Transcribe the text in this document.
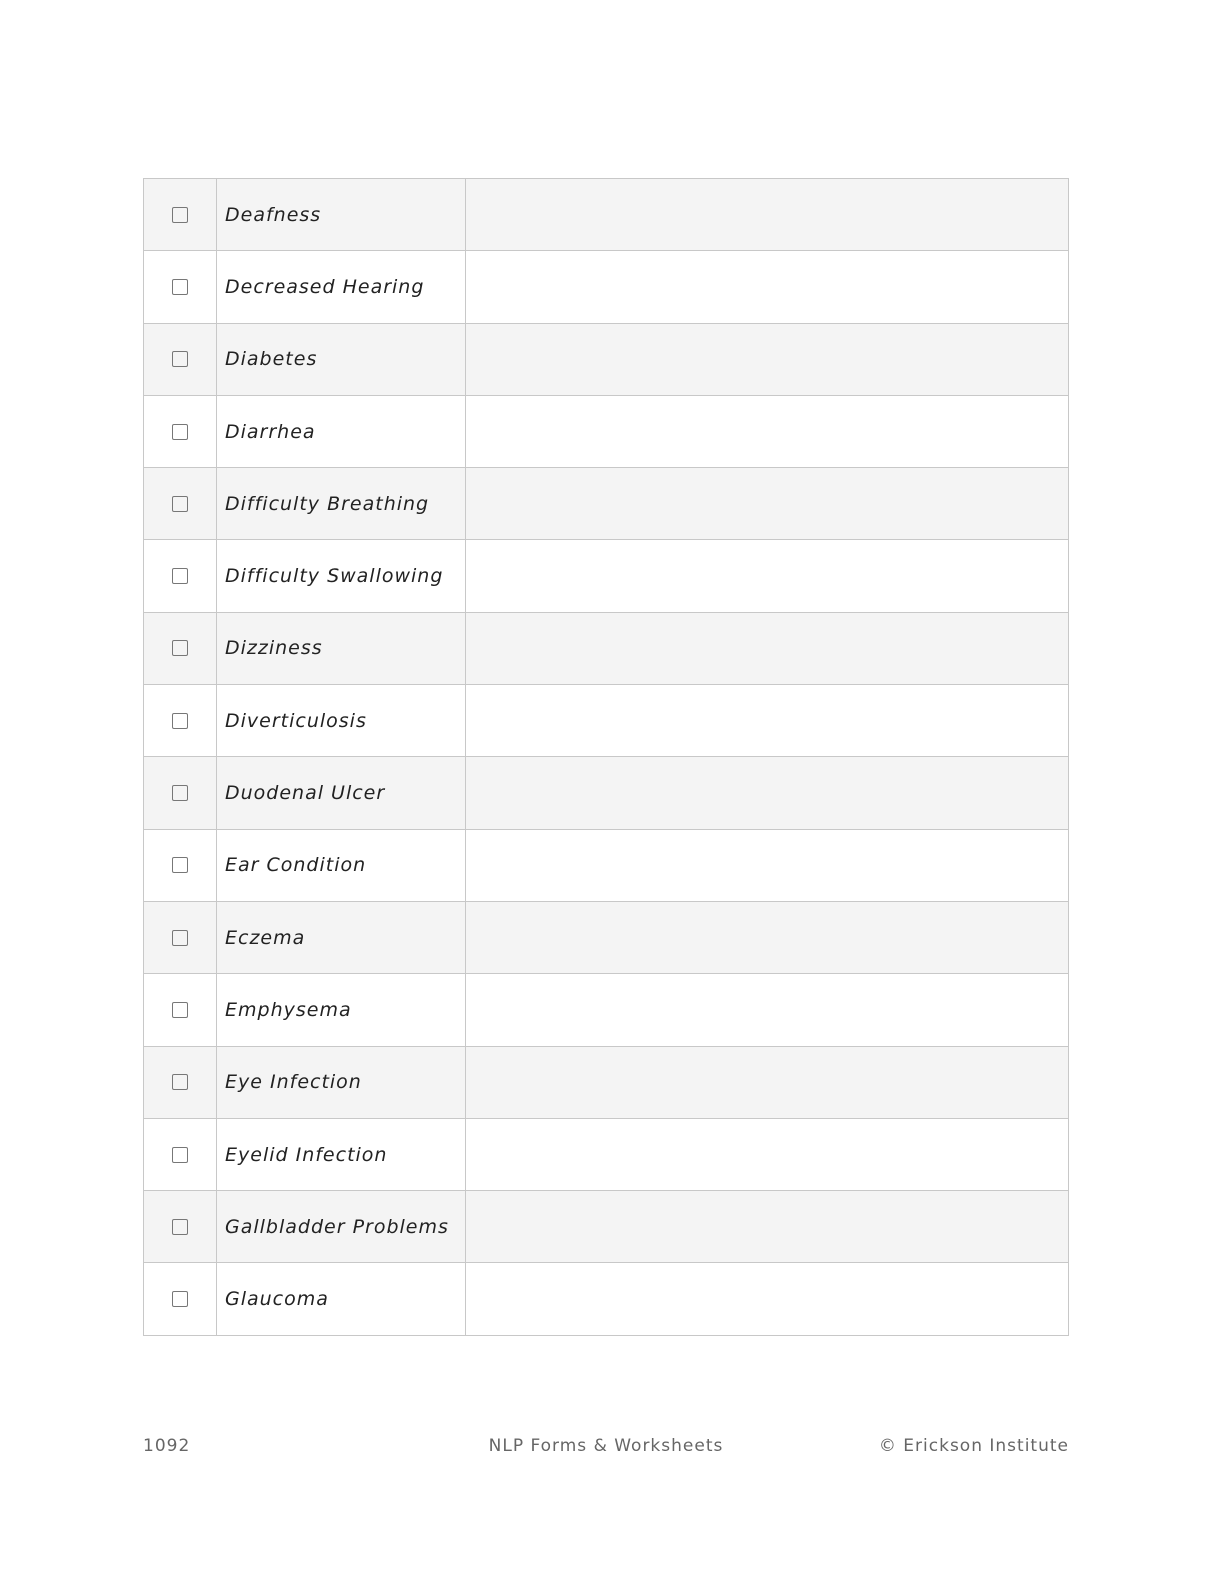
Deafness
Decreased Hearing
Diabetes
Diarrhea
Difficulty Breathing
Difficulty Swallowing
Dizziness
Diverticulosis
Duodenal Ulcer
Ear Condition
Eczema
Emphysema
Eye Infection
Eyelid Infection
Gallbladder Problems
Glaucoma
1092	NLP Forms & Worksheets	© Erickson Institute
